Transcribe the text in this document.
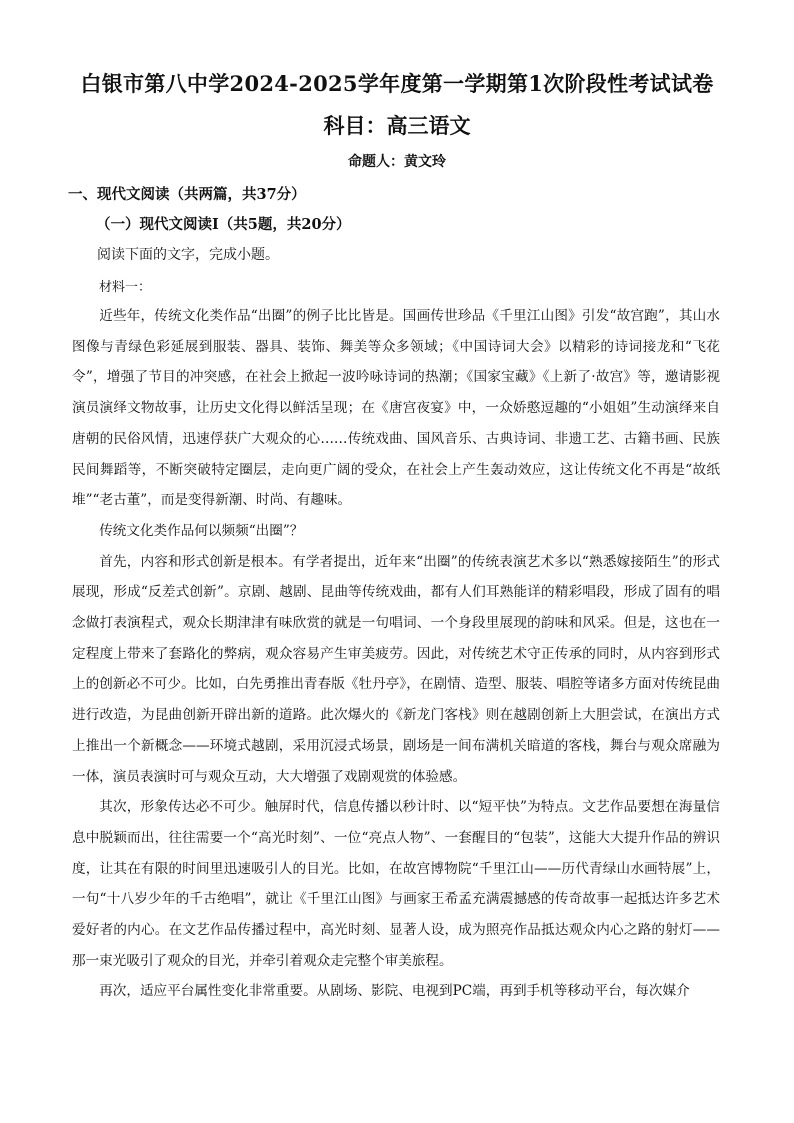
白银市第八中学2024-2025学年度第一学期第1次阶段性考试试卷
科目：高三语文
命题人：黄文玲
一、现代文阅读（共两篇，共37分）
（一）现代文阅读Ⅰ（共5题，共20分）
阅读下面的文字，完成小题。
材料一：

近些年，传统文化类作品“出圈”的例子比比皆是。国画传世珍品《千里江山图》引发“故宫跑”，其山水图像与青绿色彩延展到服装、器具、装饰、舞美等众多领域；《中国诗词大会》以精彩的诗词接龙和“飞花令”，增强了节目的冲突感，在社会上掀起一波吟咏诗词的热潮；《国家宝藏》《上新了·故宫》等，邀请影视演员演绎文物故事，让历史文化得以鲜活呈现；在《唐宫夜宴》中，一众娇憨逗趣的“小姐姐”生动演绎来自唐朝的民俗风情，迅速俘获广大观众的心……传统戏曲、国风音乐、古典诗词、非遗工艺、古籍书画、民族民间舞蹈等，不断突破特定圈层，走向更广阔的受众，在社会上产生轰动效应，这让传统文化不再是“故纸堆”“老古董”，而是变得新潮、时尚、有趣味。

传统文化类作品何以频频“出圈”？

首先，内容和形式创新是根本。有学者提出，近年来“出圈”的传统表演艺术多以“熟悉嫁接陌生”的形式展现，形成“反差式创新”。京剧、越剧、昆曲等传统戏曲，都有人们耳熟能详的精彩唱段，形成了固有的唱念做打表演程式，观众长期津津有味欣赏的就是一句唱词、一个身段里展现的韵味和风采。但是，这也在一定程度上带来了套路化的弊病，观众容易产生审美疲劳。因此，对传统艺术守正传承的同时，从内容到形式上的创新必不可少。比如，白先勇推出青春版《牡丹亭》，在剧情、造型、服装、唱腔等诸多方面对传统昆曲进行改造，为昆曲创新开辟出新的道路。此次爆火的《新龙门客栈》则在越剧创新上大胆尝试，在演出方式上推出一个新概念——环境式越剧，采用沉浸式场景，剧场是一间布满机关暗道的客栈，舞台与观众席融为一体，演员表演时可与观众互动，大大增强了戏剧观赏的体验感。

其次，形象传达必不可少。触屏时代，信息传播以秒计时、以“短平快”为特点。文艺作品要想在海量信息中脱颖而出，往往需要一个“高光时刻”、一位“亮点人物”、一套醒目的“包装”，这能大大提升作品的辨识度，让其在有限的时间里迅速吸引人的目光。比如，在故宫博物院“千里江山——历代青绿山水画特展”上，一句“十八岁少年的千古绝唱”，就让《千里江山图》与画家王希孟充满震撼感的传奇故事一起抵达许多艺术爱好者的内心。在文艺作品传播过程中，高光时刻、显著人设，成为照亮作品抵达观众内心之路的射灯——那一束光吸引了观众的目光，并牵引着观众走完整个审美旅程。

再次，适应平台属性变化非常重要。从剧场、影院、电视到PC端，再到手机等移动平台，每次媒介
